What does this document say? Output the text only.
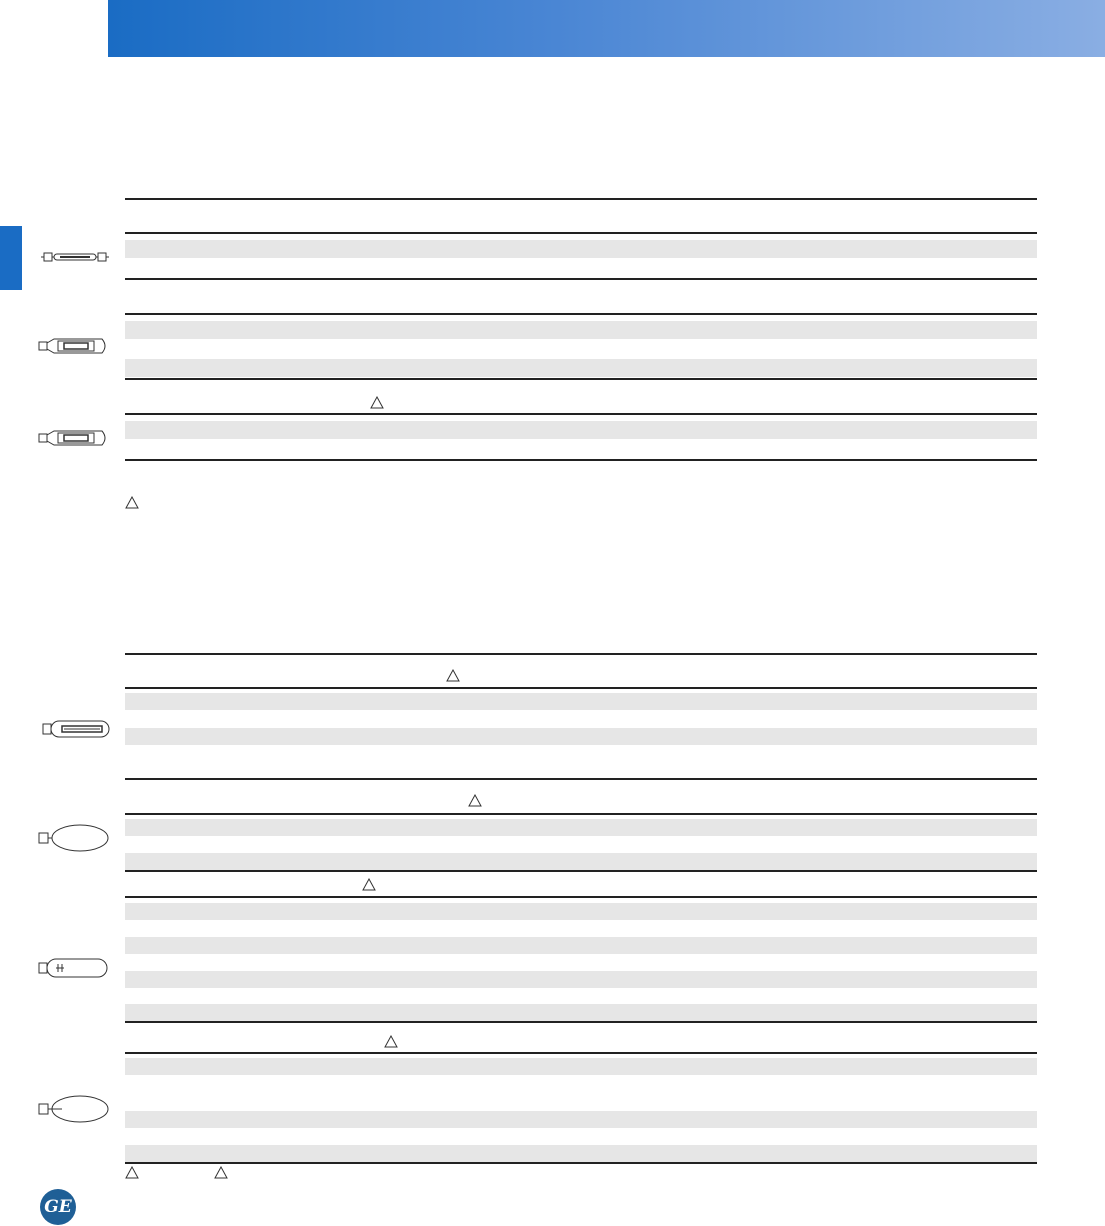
GE
